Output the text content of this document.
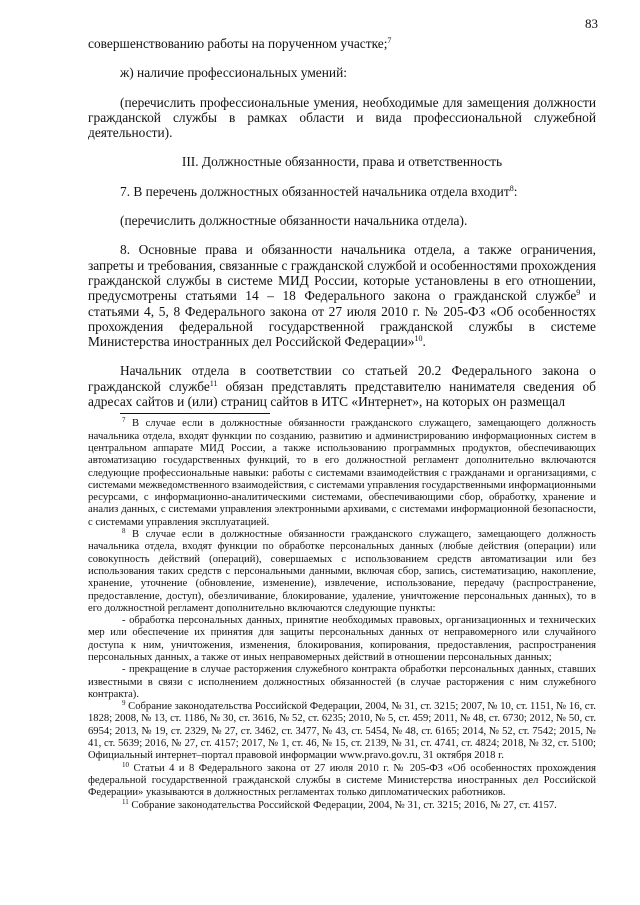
83

совершенствованию работы на порученном участке;$^7$

ж) наличие профессиональных умений:

(перечислить профессиональные умения, необходимые для замещения должности гражданской службы в рамках области и вида профессиональной служебной деятельности).

III. Должностные обязанности, права и ответственность

7. В перечень должностных обязанностей начальника отдела входит$^8$:

(перечислить должностные обязанности начальника отдела).

8. Основные права и обязанности начальника отдела, а также ограничения, запреты и требования, связанные с гражданской службой и особенностями прохождения гражданской службы в системе МИД России, которые установлены в его отношении, предусмотрены статьями 14 – 18 Федерального закона о гражданской службе$^9$ и статьями 4, 5, 8 Федерального закона от 27 июля 2010 г. № 205-ФЗ «Об особенностях прохождения федеральной государственной гражданской службы в системе Министерства иностранных дел Российской Федерации»$^{10}$.

Начальник отдела в соответствии со статьей 20.2 Федерального закона о гражданской службе$^{11}$ обязан представлять представителю нанимателя сведения об адресах сайтов и (или) страниц сайтов в ИТС «Интернет», на которых он размещал

$^7$ В случае если в должностные обязанности гражданского служащего, замещающего должность начальника отдела, входят функции по созданию, развитию и администрированию информационных систем в центральном аппарате МИД России, а также использованию программных продуктов, обеспечивающих автоматизацию государственных функций, то в его должностной регламент дополнительно включаются следующие профессиональные навыки: работы с системами взаимодействия с гражданами и организациями, с системами межведомственного взаимодействия, с системами управления государственными информационными ресурсами, с информационно-аналитическими системами, обеспечивающими сбор, обработку, хранение и анализ данных, с системами управления электронными архивами, с системами информационной безопасности, с системами управления эксплуатацией.

$^8$ В случае если в должностные обязанности гражданского служащего, замещающего должность начальника отдела, входят функции по обработке персональных данных (любые действия (операции) или совокупность действий (операций), совершаемых с использованием средств автоматизации или без использования таких средств с персональными данными, включая сбор, запись, систематизацию, накопление, хранение, уточнение (обновление, изменение), извлечение, использование, передачу (распространение, предоставление, доступ), обезличивание, блокирование, удаление, уничтожение персональных данных), то в его должностной регламент дополнительно включаются следующие пункты:

- обработка персональных данных, принятие необходимых правовых, организационных и технических мер или обеспечение их принятия для защиты персональных данных от неправомерного или случайного доступа к ним, уничтожения, изменения, блокирования, копирования, предоставления, распространения персональных данных, а также от иных неправомерных действий в отношении персональных данных;

- прекращение в случае расторжения служебного контракта обработки персональных данных, ставших известными в связи с исполнением должностных обязанностей (в случае расторжения с ним служебного контракта).

$^9$ Собрание законодательства Российской Федерации, 2004, № 31, ст. 3215; 2007, № 10, ст. 1151, № 16, ст. 1828; 2008, № 13, ст. 1186, № 30, ст. 3616, № 52, ст. 6235; 2010, № 5, ст. 459; 2011, № 48, ст. 6730; 2012, № 50, ст. 6954; 2013, № 19, ст. 2329, № 27, ст. 3462, ст. 3477, № 43, ст. 5454, № 48, ст. 6165; 2014, № 52, ст. 7542; 2015, № 41, ст. 5639; 2016, № 27, ст. 4157; 2017, № 1, ст. 46, № 15, ст. 2139, № 31, ст. 4741, ст. 4824; 2018, № 32, ст. 5100; Официальный интернет–портал правовой информации www.pravo.gov.ru, 31 октября 2018 г.

$^{10}$ Статьи 4 и 8 Федерального закона от 27 июля 2010 г. № 205-ФЗ «Об особенностях прохождения федеральной государственной гражданской службы в системе Министерства иностранных дел Российской Федерации» указываются в должностных регламентах только дипломатических работников.

$^{11}$ Собрание законодательства Российской Федерации, 2004, № 31, ст. 3215; 2016, № 27, ст. 4157.
